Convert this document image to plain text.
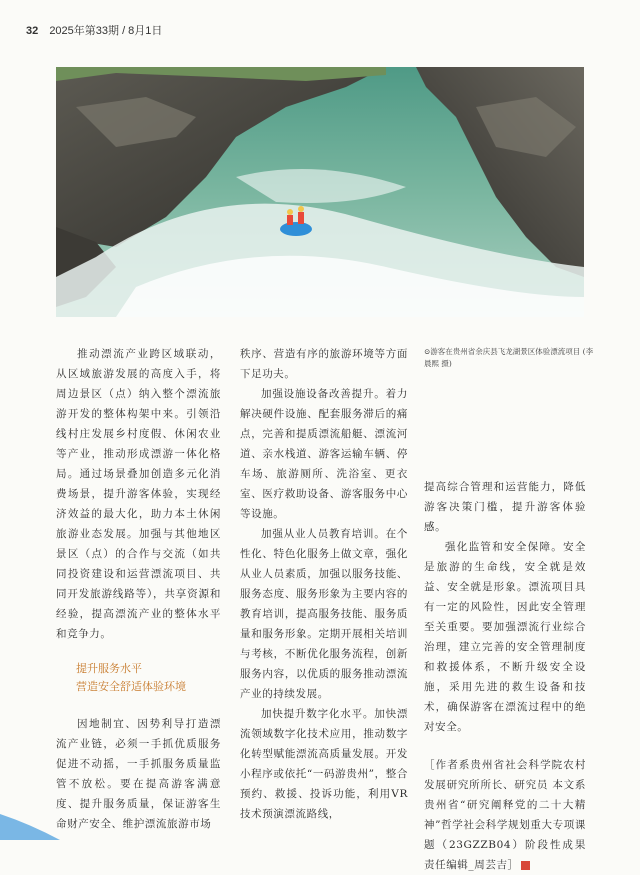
32 2025年第33期 / 8月1日
⊙游客在贵州省余庆县飞龙湖景区体验漂流项目 (李晨熙 摄)

推动漂流产业跨区域联动，从区域旅游发展的高度入手，将周边景区（点）纳入整个漂流旅游开发的整体构架中来。引领沿线村庄发展乡村度假、休闲农业等产业，推动形成漂游一体化格局。通过场景叠加创造多元化消费场景，提升游客体验，实现经济效益的最大化，助力本土休闲旅游业态发展。加强与其他地区景区（点）的合作与交流（如共同投资建设和运营漂流项目、共同开发旅游线路等），共享资源和经验，提高漂流产业的整体水平和竞争力。

提升服务水平
营造安全舒适体验环境

因地制宜、因势利导打造漂流产业链，必须一手抓优质服务促进不动摇，一手抓服务质量监管不放松。要在提高游客满意度、提升服务质量，保证游客生命财产安全、维护漂流旅游市场

秩序、营造有序的旅游环境等方面下足功夫。

加强设施设备改善提升。着力解决硬件设施、配套服务滞后的痛点，完善和提质漂流船艇、漂流河道、亲水栈道、游客运输车辆、停车场、旅游厕所、洗浴室、更衣室、医疗救助设备、游客服务中心等设施。

加强从业人员教育培训。在个性化、特色化服务上做文章，强化从业人员素质，加强以服务技能、服务态度、服务形象为主要内容的教育培训，提高服务技能、服务质量和服务形象。定期开展相关培训与考核，不断优化服务流程，创新服务内容，以优质的服务推动漂流产业的持续发展。

加快提升数字化水平。加快漂流领域数字化技术应用，推动数字化转型赋能漂流高质量发展。开发小程序或依托“一码游贵州”，整合预约、救援、投诉功能，利用VR技术预演漂流路线，

提高综合管理和运营能力，降低游客决策门槛，提升游客体验感。

强化监管和安全保障。安全是旅游的生命线，安全就是效益、安全就是形象。漂流项目具有一定的风险性，因此安全管理至关重要。要加强漂流行业综合治理，建立完善的安全管理制度和救援体系，不断升级安全设施，采用先进的救生设备和技术，确保游客在漂流过程中的绝对安全。

［作者系贵州省社会科学院农村发展研究所所长、研究员 本文系贵州省“研究阐释党的二十大精神”哲学社会科学规划重大专项课题（23GZZB04）阶段性成果　责任编辑_周芸吉］
